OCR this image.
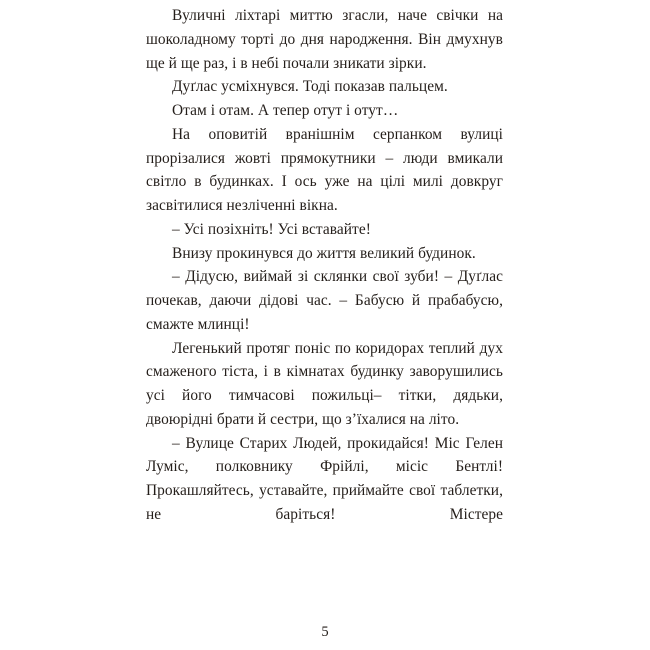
Вуличні ліхтарі миттю згасли, наче свічки на шоколадному торті до дня народження. Він дмухнув ще й ще раз, і в небі почали зникати зірки.

Дуґлас усміхнувся. Тоді показав пальцем.

Отам і отам. А тепер отут і отут…

На оповитій вранішнім серпанком вулиці прорізалися жовті прямокутники – люди вмикали світло в будинках. І ось уже на цілі милі довкруг засвітилися незліченні вікна.

– Усі позіхніть! Усі вставайте!

Внизу прокинувся до життя великий будинок.

– Дідусю, виймай зі склянки свої зуби! – Дуґлас почекав, даючи дідові час. – Бабусю й прабабусю, смажте млинці!

Легенький протяг поніс по коридорах теплий дух смаженого тіста, і в кімнатах будинку заворушились усі його тимчасові пожильці– тітки, дядьки, двоюрідні брати й сестри, що з’їхалися на літо.

– Вулице Старих Людей, прокидайся! Міс Гелен Луміс, полковнику Фрійлі, місіс Бентлі! Прокашляйтесь, уставайте, приймайте свої таблетки, не баріться! Містере

5
